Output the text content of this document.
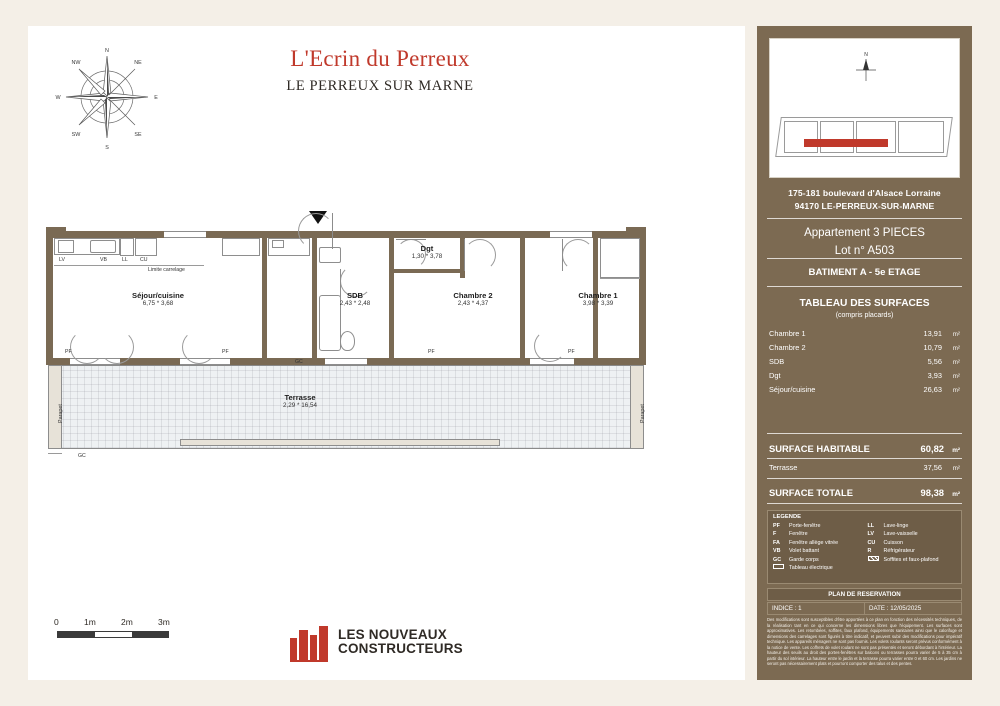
N
S
E
W
NE
NW
SE
SW
L'Ecrin du Perreux
LE PERREUX SUR MARNE
Limite carrelage
LV	LL CU
VB
PF	PF	PF	PF
GC
Séjour/cuisine
6,75 * 3,68
Dgt
1,30 * 3,78
SDB
2,43 * 2,48
Chambre 2
2,43 * 4,37
Chambre 1
3,98 * 3,39
Parapet	Parapet
Terrasse
2,29 * 16,54
GC
0	1m	2m	3m
LES NOUVEAUX
CONSTRUCTEURS
N
175-181 boulevard d'Alsace Lorraine
94170 LE-PERREUX-SUR-MARNE
Appartement 3 PIECES
Lot n° A503
BATIMENT A - 5e ETAGE
TABLEAU DES SURFACES
(compris placards)
Chambre 1	13,91	m²
Chambre 2	10,79	m²
SDB	5,56	m²
Dgt	3,93	m²
Séjour/cuisine	26,63	m²
SURFACE HABITABLE	60,82	m²
Terrasse	37,56	m²
SURFACE TOTALE	98,38	m²
LEGENDE
PF	Porte-fenêtre
F	Fenêtre
FA	Fenêtre allège vitrée
VB	Volet battant
GC	Garde corps
Tableau électrique
LL	Lave-linge
LV	Lave-vaisselle
CU	Cuisson
R	Réfrigérateur
Soffites et faux-plafond
PLAN DE RESERVATION
INDICE : 1	DATE : 12/05/2025
Des modifications sont susceptibles d'être apportées à ce plan en fonction des nécessités techniques, de la réalisation tant en ce qui concerne les dimensions libres que l'équipement. Les surfaces sont approximatives. Les retombées, soffites, faux plafond, équipements sanitaires ainsi que le calorifuge et dimensions des carrelages sont figurés à titre indicatif, et peuvent subir des modifications pour impératif technique. Les appareils ménagers ne sont pas fournis. Les volets roulants seront prévus conformément à la notice de vente. Les coffrets de volet roulant ne sont pas présentés et seront débordant à l'intérieur. La hauteur des seuils au droit des portes-fenêtres sur balcons ou terrasses pourra varier de 5 à 35 cm à partir du sol intérieur. La hauteur entre le jardin et la terrasse pourra varier entre 0 et 60 cm. Les jardins ne seront pas nécessairement plats et pourront comporter des talus et des pentes.
